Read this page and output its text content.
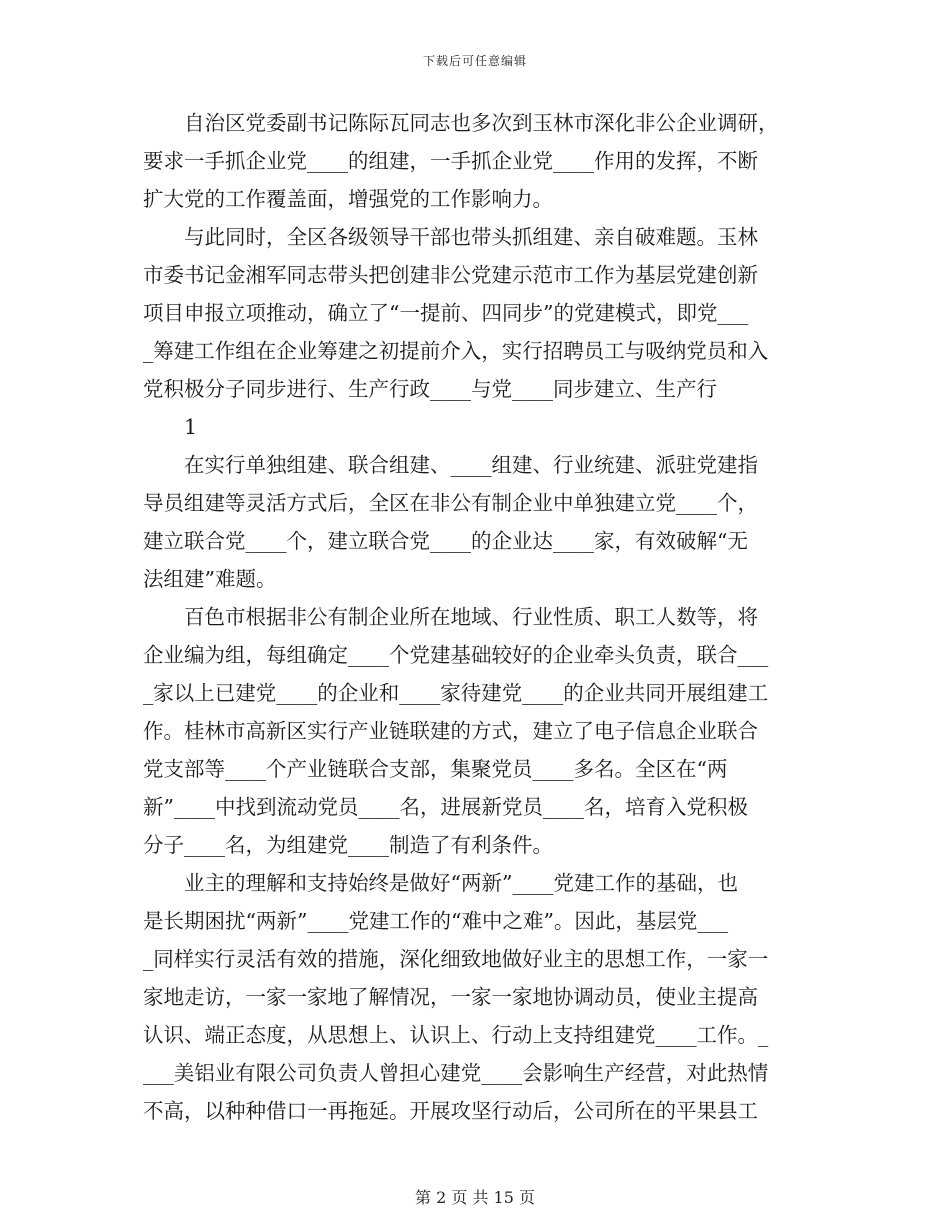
下载后可任意编辑
　　自治区党委副书记陈际瓦同志也多次到玉林市深化非公企业调研，
要求一手抓企业党____的组建，一手抓企业党____作用的发挥，不断
扩大党的工作覆盖面，增强党的工作影响力。
　　与此同时，全区各级领导干部也带头抓组建、亲自破难题。玉林
市委书记金湘军同志带头把创建非公党建示范市工作为基层党建创新
项目申报立项推动，确立了“一提前、四同步”的党建模式，即党___
_筹建工作组在企业筹建之初提前介入，实行招聘员工与吸纳党员和入
党积极分子同步进行、生产行政____与党____同步建立、生产行
　　1
　　在实行单独组建、联合组建、____组建、行业统建、派驻党建指
导员组建等灵活方式后，全区在非公有制企业中单独建立党____个，
建立联合党____个，建立联合党____的企业达____家，有效破解“无
法组建”难题。
　　百色市根据非公有制企业所在地域、行业性质、职工人数等，将
企业编为组，每组确定____个党建基础较好的企业牵头负责，联合___
_家以上已建党____的企业和____家待建党____的企业共同开展组建工
作。桂林市高新区实行产业链联建的方式，建立了电子信息企业联合
党支部等____个产业链联合支部，集聚党员____多名。全区在“两
新”____中找到流动党员____名，进展新党员____名，培育入党积极
分子____名，为组建党____制造了有利条件。
　　业主的理解和支持始终是做好“两新”____党建工作的基础，也
是长期困扰“两新”____党建工作的“难中之难”。因此，基层党___
_同样实行灵活有效的措施，深化细致地做好业主的思想工作，一家一
家地走访，一家一家地了解情况，一家一家地协调动员，使业主提高
认识、端正态度，从思想上、认识上、行动上支持组建党____工作。_
___美铝业有限公司负责人曾担心建党____会影响生产经营，对此热情
不高，以种种借口一再拖延。开展攻坚行动后，公司所在的平果县工
第 2 页 共 15 页
